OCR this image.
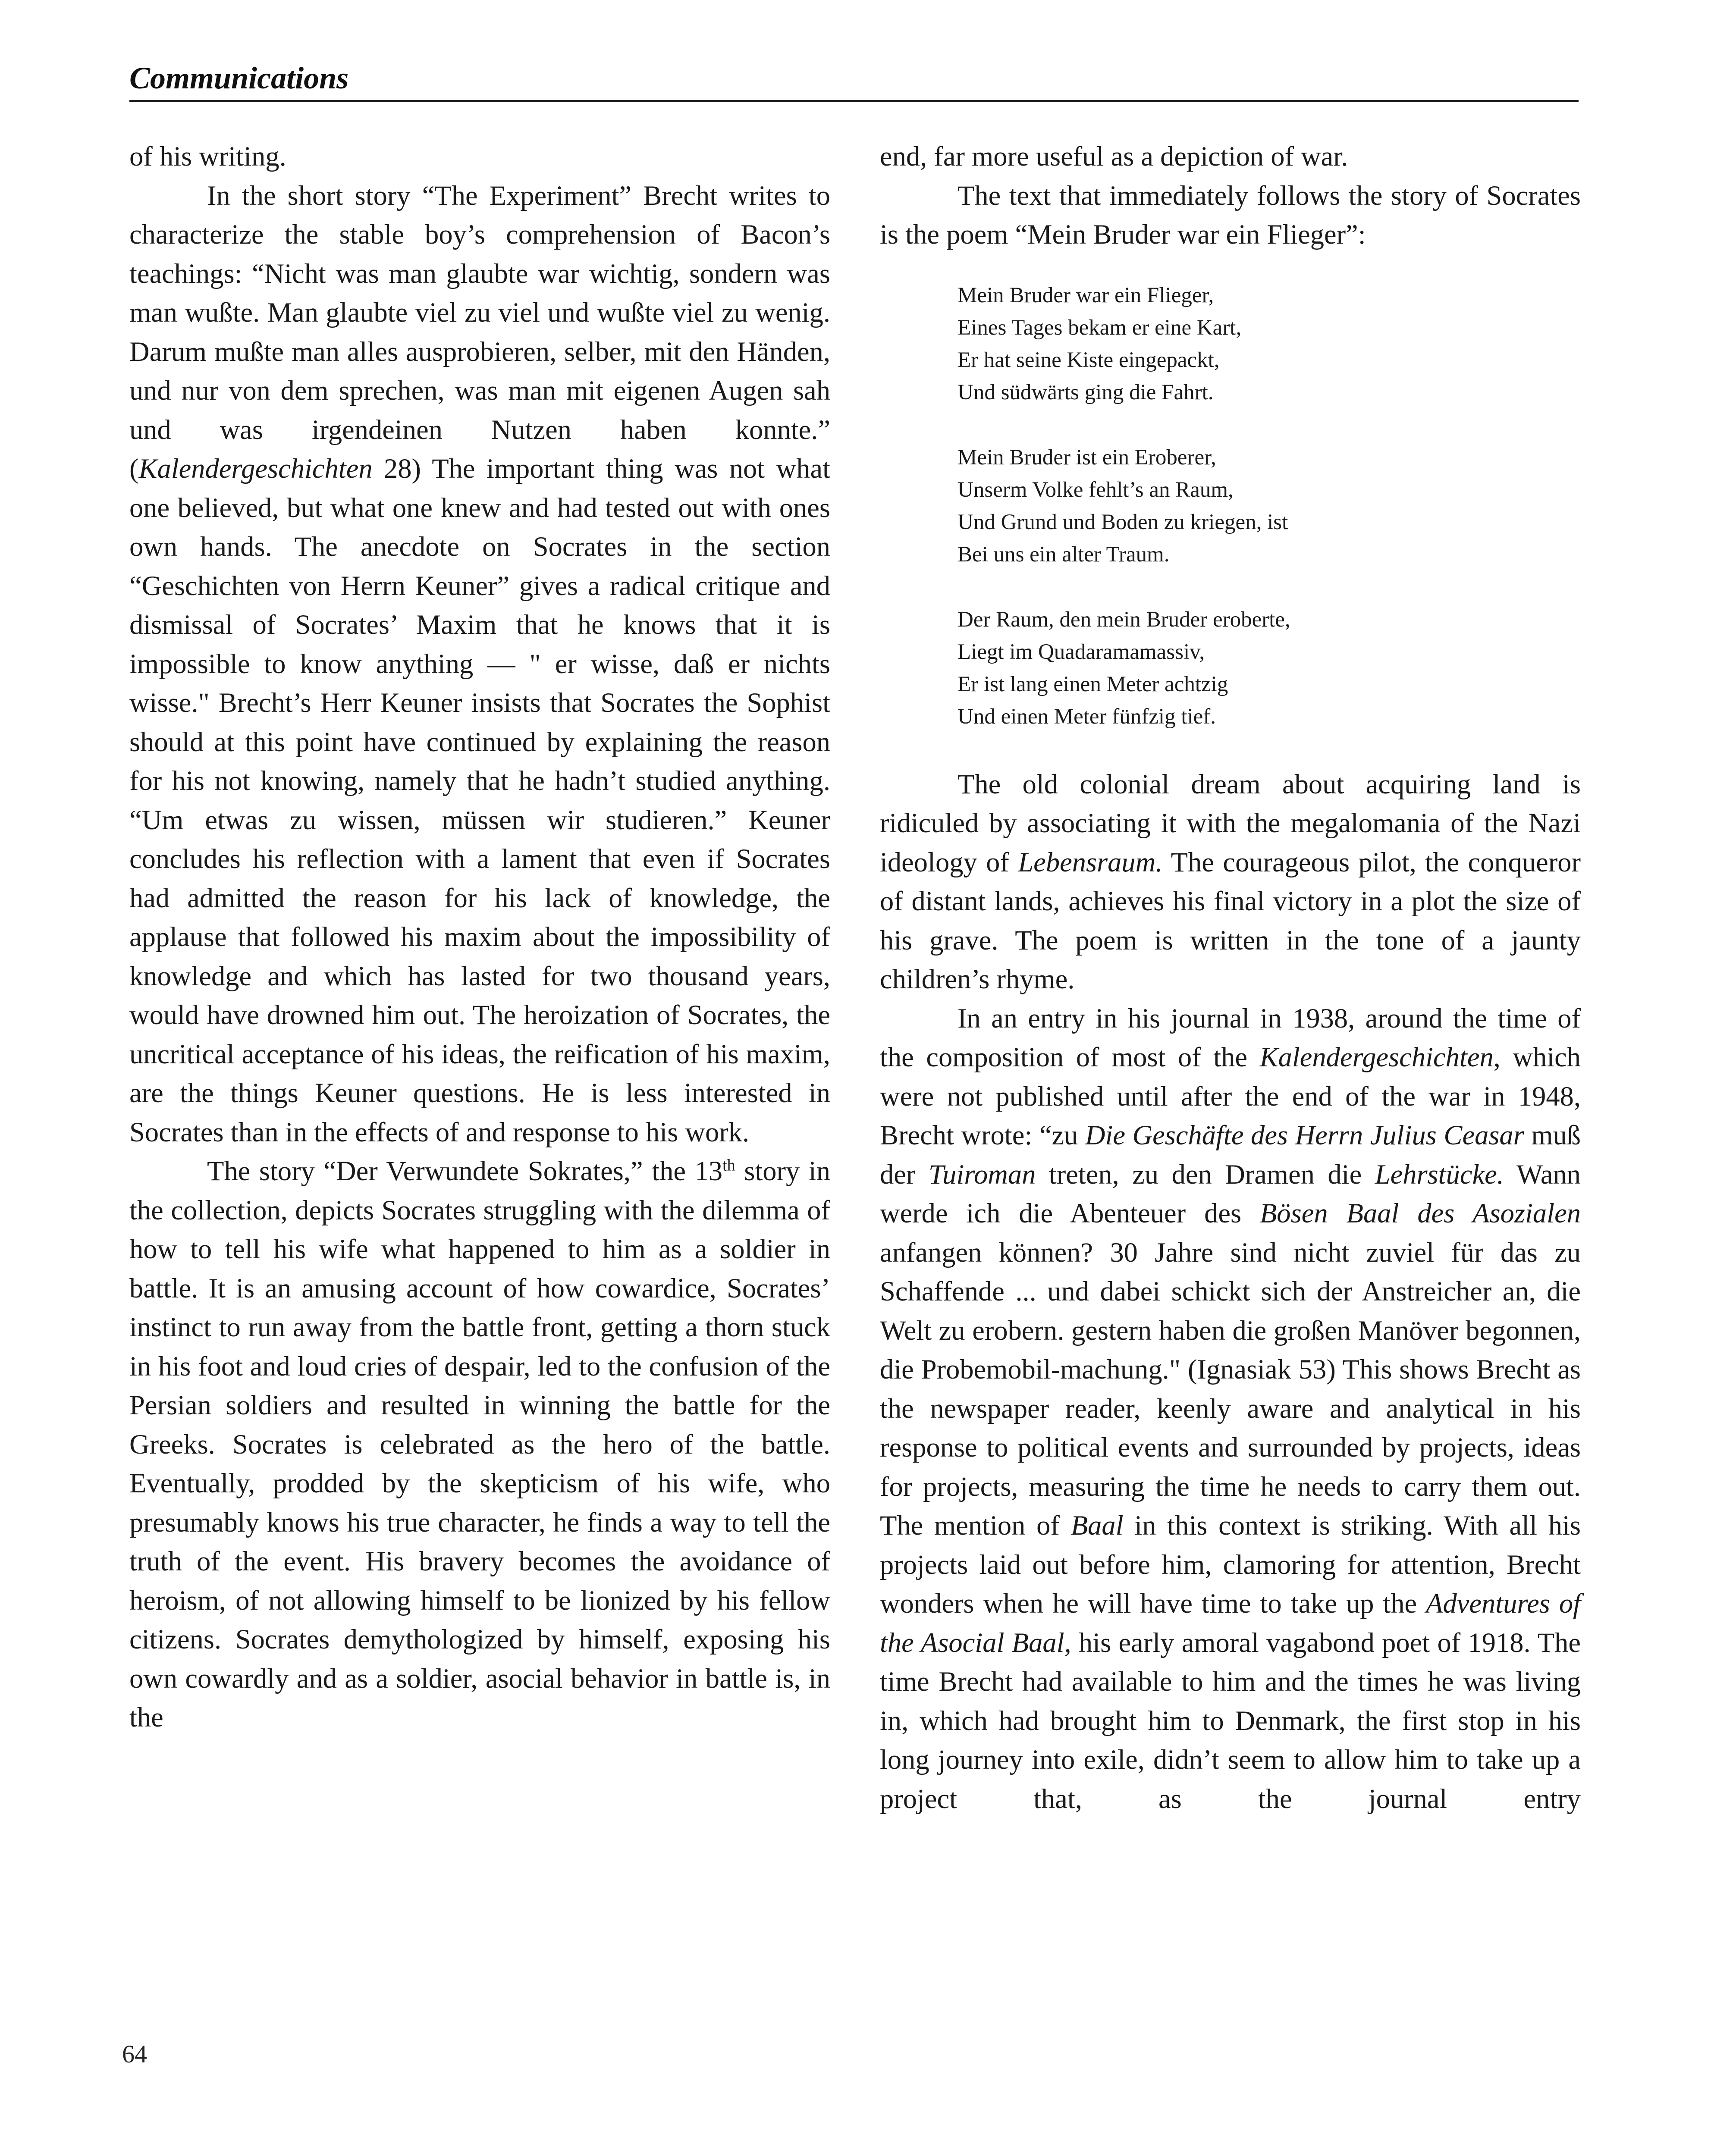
Communications

of his writing.

In the short story “The Experiment” Brecht writes to characterize the stable boy’s comprehension of Bacon’s teachings: “Nicht was man glaubte war wichtig, sondern was man wußte. Man glaubte viel zu viel und wußte viel zu wenig. Darum mußte man alles ausprobieren, selber, mit den Händen, und nur von dem sprechen, was man mit eigenen Augen sah und was irgendeinen Nutzen haben konnte.” (Kalendergeschichten 28) The important thing was not what one believed, but what one knew and had tested out with ones own hands. The anecdote on Socrates in the section “Geschichten von Herrn Keuner” gives a radical critique and dismissal of Socrates’ Maxim that he knows that it is impossible to know anything — " er wisse, daß er nichts wisse." Brecht’s Herr Keuner insists that Socrates the Sophist should at this point have continued by explaining the reason for his not knowing, namely that he hadn’t studied anything. “Um etwas zu wissen, müssen wir studieren.” Keuner concludes his reflection with a lament that even if Socrates had admitted the reason for his lack of knowledge, the applause that followed his maxim about the impossibility of knowledge and which has lasted for two thousand years, would have drowned him out. The heroization of Socrates, the uncritical acceptance of his ideas, the reification of his maxim, are the things Keuner questions. He is less interested in Socrates than in the effects of and response to his work.

The story “Der Verwundete Sokrates,” the 13th story in the collection, depicts Socrates struggling with the dilemma of how to tell his wife what happened to him as a soldier in battle. It is an amusing account of how cowardice, Socrates’ instinct to run away from the battle front, getting a thorn stuck in his foot and loud cries of despair, led to the confusion of the Persian soldiers and resulted in winning the battle for the Greeks. Socrates is celebrated as the hero of the battle. Eventually, prodded by the skepticism of his wife, who presumably knows his true character, he finds a way to tell the truth of the event. His bravery becomes the avoidance of heroism, of not allowing himself to be lionized by his fellow citizens. Socrates demythologized by himself, exposing his own cowardly and as a soldier, asocial behavior in battle is, in the

end, far more useful as a depiction of war.

The text that immediately follows the story of Socrates is the poem “Mein Bruder war ein Flieger”:

Mein Bruder war ein Flieger,
Eines Tages bekam er eine Kart,
Er hat seine Kiste eingepackt,
Und südwärts ging die Fahrt.
Mein Bruder ist ein Eroberer,
Unserm Volke fehlt’s an Raum,
Und Grund und Boden zu kriegen, ist
Bei uns ein alter Traum.
Der Raum, den mein Bruder eroberte,
Liegt im Quadaramamassiv,
Er ist lang einen Meter achtzig
Und einen Meter fünfzig tief.

The old colonial dream about acquiring land is ridiculed by associating it with the megalomania of the Nazi ideology of Lebensraum. The courageous pilot, the conqueror of distant lands, achieves his final victory in a plot the size of his grave. The poem is written in the tone of a jaunty children’s rhyme.

In an entry in his journal in 1938, around the time of the composition of most of the Kalendergeschichten, which were not published until after the end of the war in 1948, Brecht wrote: “zu Die Geschäfte des Herrn Julius Ceasar muß der Tuiroman treten, zu den Dramen die Lehrstücke. Wann werde ich die Abenteuer des Bösen Baal des Asozialen anfangen können? 30 Jahre sind nicht zuviel für das zu Schaffende ... und dabei schickt sich der Anstreicher an, die Welt zu erobern. gestern haben die großen Manöver begonnen, die Probemobil-machung." (Ignasiak 53) This shows Brecht as the newspaper reader, keenly aware and analytical in his response to political events and surrounded by projects, ideas for projects, measuring the time he needs to carry them out. The mention of Baal in this context is striking. With all his projects laid out before him, clamoring for attention, Brecht wonders when he will have time to take up the Adventures of the Asocial Baal, his early amoral vagabond poet of 1918. The time Brecht had available to him and the times he was living in, which had brought him to Denmark, the first stop in his long journey into exile, didn’t seem to allow him to take up a project that, as the journal entry

64
